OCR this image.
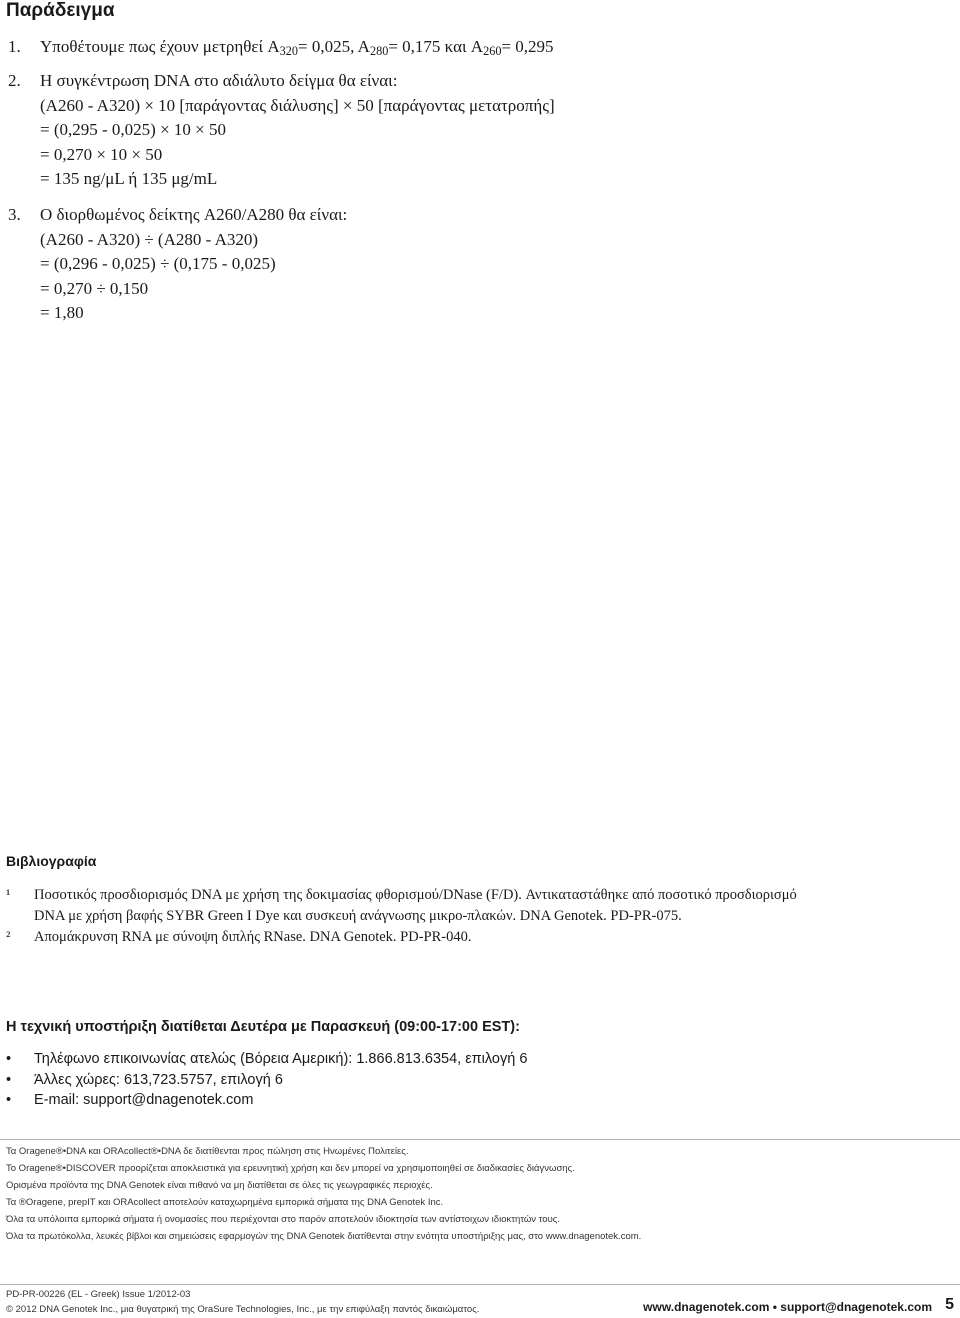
Παράδειγμα
1. Υποθέτουμε πως έχουν μετρηθεί $A_{320}= 0,025$, $A_{280}= 0,175$ και $A_{260}= 0,295$
2. Η συγκέντρωση DNA στο αδιάλυτο δείγμα θα είναι:
(A260 - A320) × 10 [παράγοντας διάλυσης] × 50 [παράγοντας μετατροπής]
= (0,295 - 0,025) × 10 × 50
= 0,270 × 10 × 50
= 135 ng/μL ή 135 μg/mL
3. Ο διορθωμένος δείκτης A260/A280 θα είναι:
(A260 - A320) ÷ (A280 - A320)
= (0,296 - 0,025) ÷ (0,175 - 0,025)
= 0,270 ÷ 0,150
= 1,80
Βιβλιογραφία
¹ Ποσοτικός προσδιορισμός DNA με χρήση της δοκιμασίας φθορισμού/DNase (F/D). Αντικαταστάθηκε από ποσοτικό προσδιορισμό
DNA με χρήση βαφής SYBR Green I Dye και συσκευή ανάγνωσης μικρο-πλακών. DNA Genotek. PD-PR-075.
² Απομάκρυνση RNA με σύνοψη διπλής RNase. DNA Genotek. PD-PR-040.
Η τεχνική υποστήριξη διατίθεται Δευτέρα με Παρασκευή (09:00-17:00 EST):
• Τηλέφωνο επικοινωνίας ατελώς (Βόρεια Αμερική): 1.866.813.6354, επιλογή 6
• Άλλες χώρες: 613,723.5757, επιλογή 6
• E-mail: support@dnagenotek.com
Τα Oragene®•DNA και ORAcollect®•DNA δε διατίθενται προς πώληση στις Ηνωμένες Πολιτείες.
Το Oragene®•DISCOVER προορίζεται αποκλειστικά για ερευνητική χρήση και δεν μπορεί να χρησιμοποιηθεί σε διαδικασίες διάγνωσης.
Ορισμένα προϊόντα της DNA Genotek είναι πιθανό να μη διατίθεται σε όλες τις γεωγραφικές περιοχές.
Τα ®Oragene, prepIT και ORAcollect αποτελούν καταχωρημένα εμπορικά σήματα της DNA Genotek Inc.
Όλα τα υπόλοιπα εμπορικά σήματα ή ονομασίες που περιέχονται στο παρόν αποτελούν ιδιοκτησία των αντίστοιχων ιδιοκτητών τους.
Όλα τα πρωτόκολλα, λευκές βίβλοι και σημειώσεις εφαρμογών της DNA Genotek διατίθενται στην ενότητα υποστήριξης μας, στο www.dnagenotek.com.
PD-PR-00226 (EL - Greek) Issue 1/2012-03
© 2012 DNA Genotek Inc., μια θυγατρική της OraSure Technologies, Inc., με την επιφύλαξη παντός δικαιώματος.	www.dnagenotek.com • support@dnagenotek.com 5
